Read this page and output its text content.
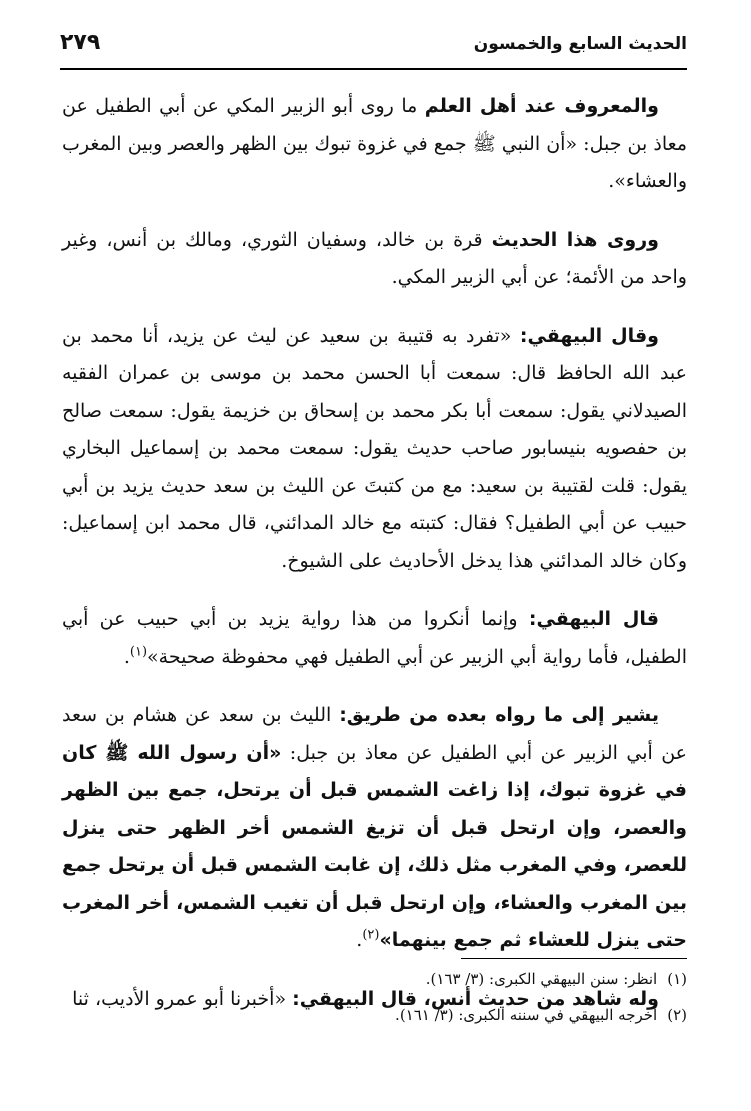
الحديث السابع والخمسون
٢٧٩

والمعروف عند أهل العلم ما روى أبو الزبير المكي عن أبي الطفيل عن معاذ بن جبل: «أن النبي ﷺ جمع في غزوة تبوك بين الظهر والعصر وبين المغرب والعشاء».

وروى هذا الحديث قرة بن خالد، وسفيان الثوري، ومالك بن أنس، وغير واحد من الأئمة؛ عن أبي الزبير المكي.

وقال البيهقي: «تفرد به قتيبة بن سعيد عن ليث عن يزيد، أنا محمد بن عبد الله الحافظ قال: سمعت أبا الحسن محمد بن موسى بن عمران الفقيه الصيدلاني يقول: سمعت أبا بكر محمد بن إسحاق بن خزيمة يقول: سمعت صالح بن حفصويه بنيسابور صاحب حديث يقول: سمعت محمد بن إسماعيل البخاري يقول: قلت لقتيبة بن سعيد: مع من كتبتَ عن الليث بن سعد حديث يزيد بن أبي حبيب عن أبي الطفيل؟ فقال: كتبته مع خالد المدائني، قال محمد ابن إسماعيل: وكان خالد المدائني هذا يدخل الأحاديث على الشيوخ.

قال البيهقي: وإنما أنكروا من هذا رواية يزيد بن أبي حبيب عن أبي الطفيل، فأما رواية أبي الزبير عن أبي الطفيل فهي محفوظة صحيحة»$^{(١)}$.

يشير إلى ما رواه بعده من طريق: الليث بن سعد عن هشام بن سعد عن أبي الزبير عن أبي الطفيل عن معاذ بن جبل: «أن رسول الله ﷺ كان في غزوة تبوك، إذا زاغت الشمس قبل أن يرتحل، جمع بين الظهر والعصر، وإن ارتحل قبل أن تزيغ الشمس أخر الظهر حتى ينزل للعصر، وفي المغرب مثل ذلك، إن غابت الشمس قبل أن يرتحل جمع بين المغرب والعشاء، وإن ارتحل قبل أن تغيب الشمس، أخر المغرب حتى ينزل للعشاء ثم جمع بينهما»$^{(٢)}$.

وله شاهد من حديث أنس، قال البيهقي: «أخبرنا أبو عمرو الأديب، ثنا

(١)انظر: سنن البيهقي الكبرى: (٣/ ١٦٣).

(٢)أخرجه البيهقي في سننه الكبرى: (٣/ ١٦١).
